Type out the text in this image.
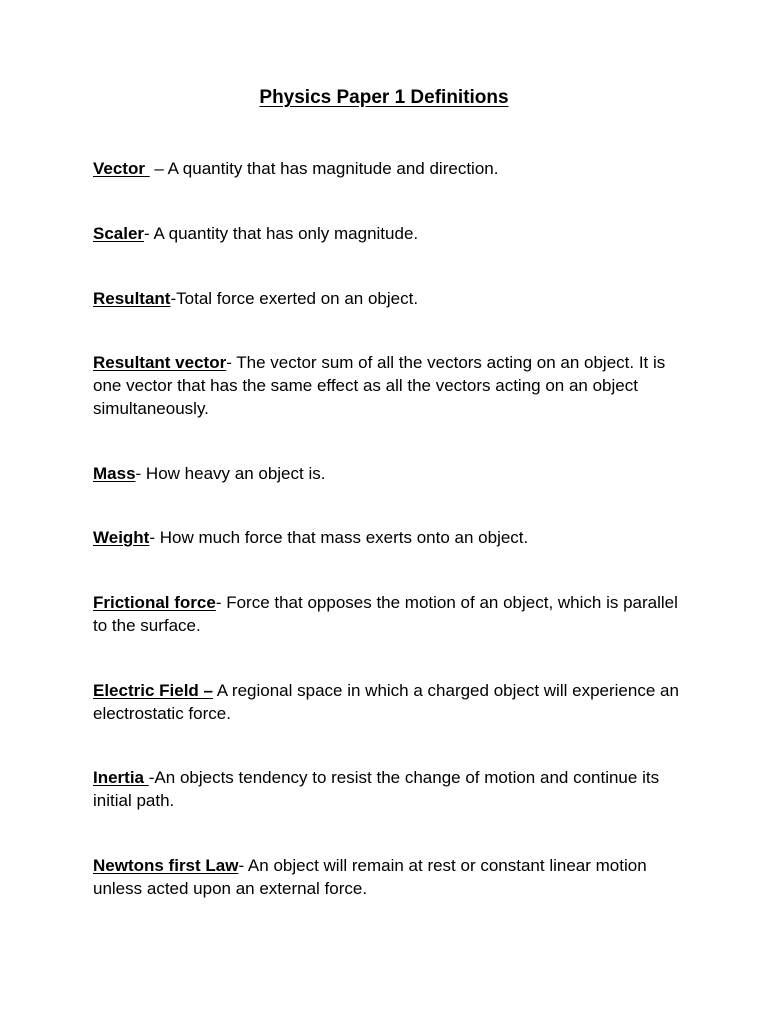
Physics Paper 1 Definitions

Vector  – A quantity that has magnitude and direction.

Scaler- A quantity that has only magnitude.

Resultant-Total force exerted on an object.

Resultant vector- The vector sum of all the vectors acting on an object. It is one vector that has the same effect as all the vectors acting on an object simultaneously.

Mass- How heavy an object is.

Weight- How much force that mass exerts onto an object.

Frictional force- Force that opposes the motion of an object, which is parallel to the surface.

Electric Field – A regional space in which a charged object will experience an electrostatic force.

Inertia -An objects tendency to resist the change of motion and continue its initial path.

Newtons first Law- An object will remain at rest or constant linear motion unless acted upon an external force.
